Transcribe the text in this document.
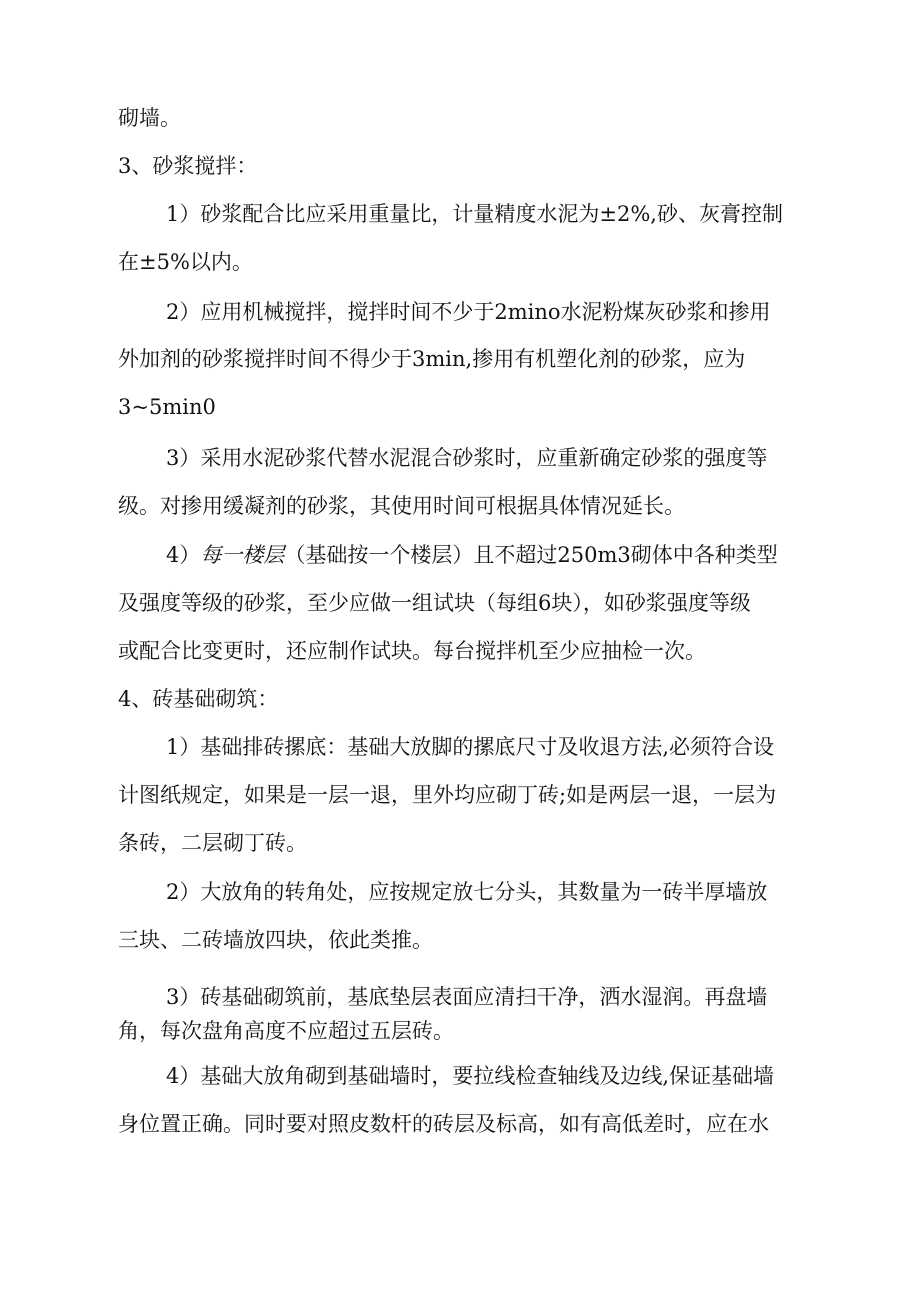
砌墙。
3、砂浆搅拌：
1）砂浆配合比应采用重量比，计量精度水泥为±2%,砂、灰膏控制
在±5%以内。
2）应用机械搅拌，搅拌时间不少于2mino水泥粉煤灰砂浆和掺用
外加剂的砂浆搅拌时间不得少于3min,掺用有机塑化剂的砂浆，应为
3~5min0
3）采用水泥砂浆代替水泥混合砂浆时，应重新确定砂浆的强度等
级。对掺用缓凝剂的砂浆，其使用时间可根据具体情况延长。
4）每一楼层（基础按一个楼层）且不超过250m3砌体中各种类型
及强度等级的砂浆，至少应做一组试块（每组6块），如砂浆强度等级
或配合比变更时，还应制作试块。每台搅拌机至少应抽检一次。
4、砖基础砌筑：
1）基础排砖摞底：基础大放脚的摞底尺寸及收退方法,必须符合设
计图纸规定，如果是一层一退，里外均应砌丁砖;如是两层一退，一层为
条砖，二层砌丁砖。
2）大放角的转角处，应按规定放七分头，其数量为一砖半厚墙放
三块、二砖墙放四块，依此类推。
3）砖基础砌筑前，基底垫层表面应清扫干净，洒水湿润。再盘墙
角，每次盘角高度不应超过五层砖。
4）基础大放角砌到基础墙时，要拉线检查轴线及边线,保证基础墙
身位置正确。同时要对照皮数杆的砖层及标高，如有高低差时，应在水
